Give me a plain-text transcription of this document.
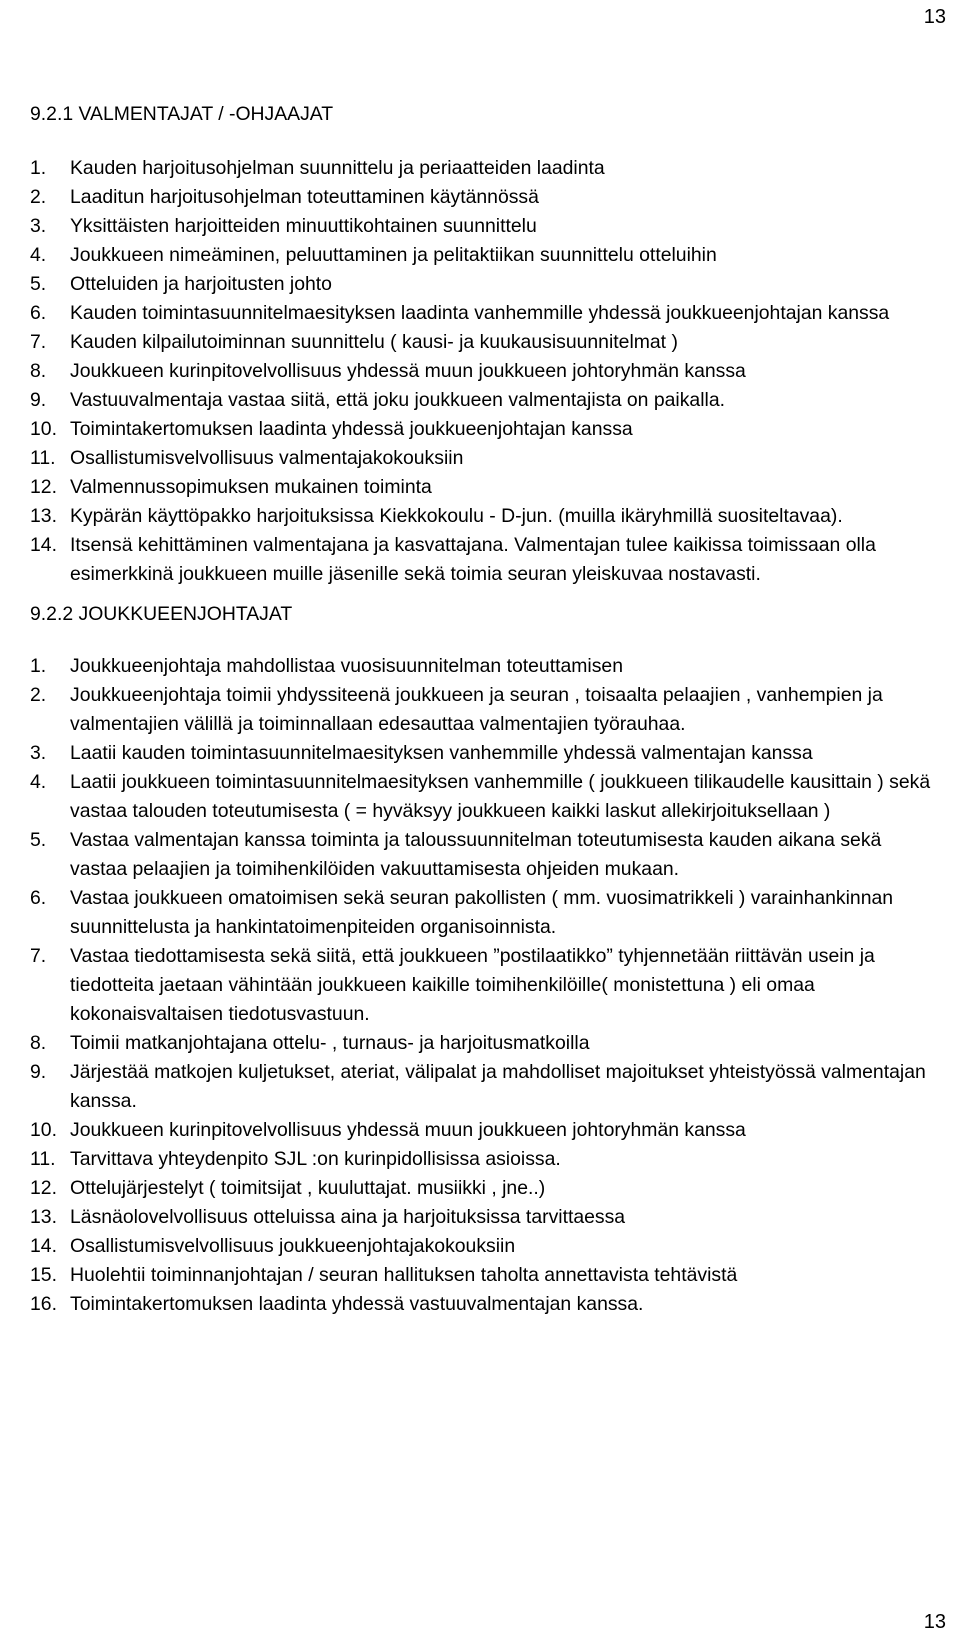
13
9.2.1 VALMENTAJAT / -OHJAAJAT
1. Kauden harjoitusohjelman suunnittelu ja periaatteiden laadinta
2. Laaditun harjoitusohjelman toteuttaminen käytännössä
3. Yksittäisten harjoitteiden minuuttikohtainen suunnittelu
4. Joukkueen nimeäminen, peluuttaminen ja pelitaktiikan suunnittelu otteluihin
5. Otteluiden ja harjoitusten johto
6. Kauden toimintasuunnitelmaesityksen laadinta vanhemmille yhdessä joukkueenjohtajan kanssa
7. Kauden kilpailutoiminnan suunnittelu ( kausi- ja kuukausisuunnitelmat )
8. Joukkueen kurinpitovelvollisuus yhdessä muun joukkueen johtoryhmän kanssa
9. Vastuuvalmentaja vastaa siitä, että joku joukkueen valmentajista on paikalla.
10. Toimintakertomuksen laadinta yhdessä joukkueenjohtajan kanssa
11. Osallistumisvelvollisuus valmentajakokouksiin
12. Valmennussopimuksen mukainen toiminta
13. Kypärän käyttöpakko harjoituksissa Kiekkokoulu - D-jun. (muilla ikäryhmillä suositeltavaa).
14. Itsensä kehittäminen valmentajana ja kasvattajana. Valmentajan tulee kaikissa toimissaan olla esimerkkinä joukkueen muille jäsenille sekä toimia seuran yleiskuvaa nostavasti.
9.2.2 JOUKKUEENJOHTAJAT
1. Joukkueenjohtaja mahdollistaa vuosisuunnitelman toteuttamisen
2. Joukkueenjohtaja toimii yhdyssiteenä joukkueen ja seuran , toisaalta pelaajien , vanhempien ja valmentajien välillä ja toiminnallaan edesauttaa valmentajien työrauhaa.
3. Laatii kauden toimintasuunnitelmaesityksen vanhemmille yhdessä valmentajan kanssa
4. Laatii joukkueen toimintasuunnitelmaesityksen vanhemmille ( joukkueen tilikaudelle kausittain ) sekä vastaa talouden toteutumisesta ( = hyväksyy joukkueen kaikki laskut allekirjoituksellaan )
5. Vastaa valmentajan kanssa toiminta ja taloussuunnitelman toteutumisesta kauden aikana sekä vastaa pelaajien ja toimihenkilöiden vakuuttamisesta ohjeiden mukaan.
6. Vastaa joukkueen omatoimisen sekä seuran pakollisten ( mm. vuosimatrikkeli ) varainhankinnan suunnittelusta ja hankintatoimenpiteiden organisoinnista.
7. Vastaa tiedottamisesta sekä siitä, että joukkueen ”postilaatikko” tyhjennetään riittävän usein ja tiedotteita jaetaan vähintään joukkueen kaikille toimihenkilöille( monistettuna ) eli omaa kokonaisvaltaisen tiedotusvastuun.
8. Toimii matkanjohtajana ottelu- , turnaus- ja harjoitusmatkoilla
9. Järjestää matkojen kuljetukset, ateriat, välipalat ja mahdolliset majoitukset yhteistyössä valmentajan kanssa.
10. Joukkueen kurinpitovelvollisuus yhdessä muun joukkueen johtoryhmän kanssa
11. Tarvittava yhteydenpito SJL :on kurinpidollisissa asioissa.
12. Ottelujärjestelyt ( toimitsijat , kuuluttajat. musiikki , jne..)
13. Läsnäolovelvollisuus otteluissa aina ja harjoituksissa tarvittaessa
14. Osallistumisvelvollisuus joukkueenjohtajakokouksiin
15. Huolehtii toiminnanjohtajan / seuran hallituksen taholta annettavista tehtävistä
16. Toimintakertomuksen laadinta yhdessä vastuuvalmentajan kanssa.
13
